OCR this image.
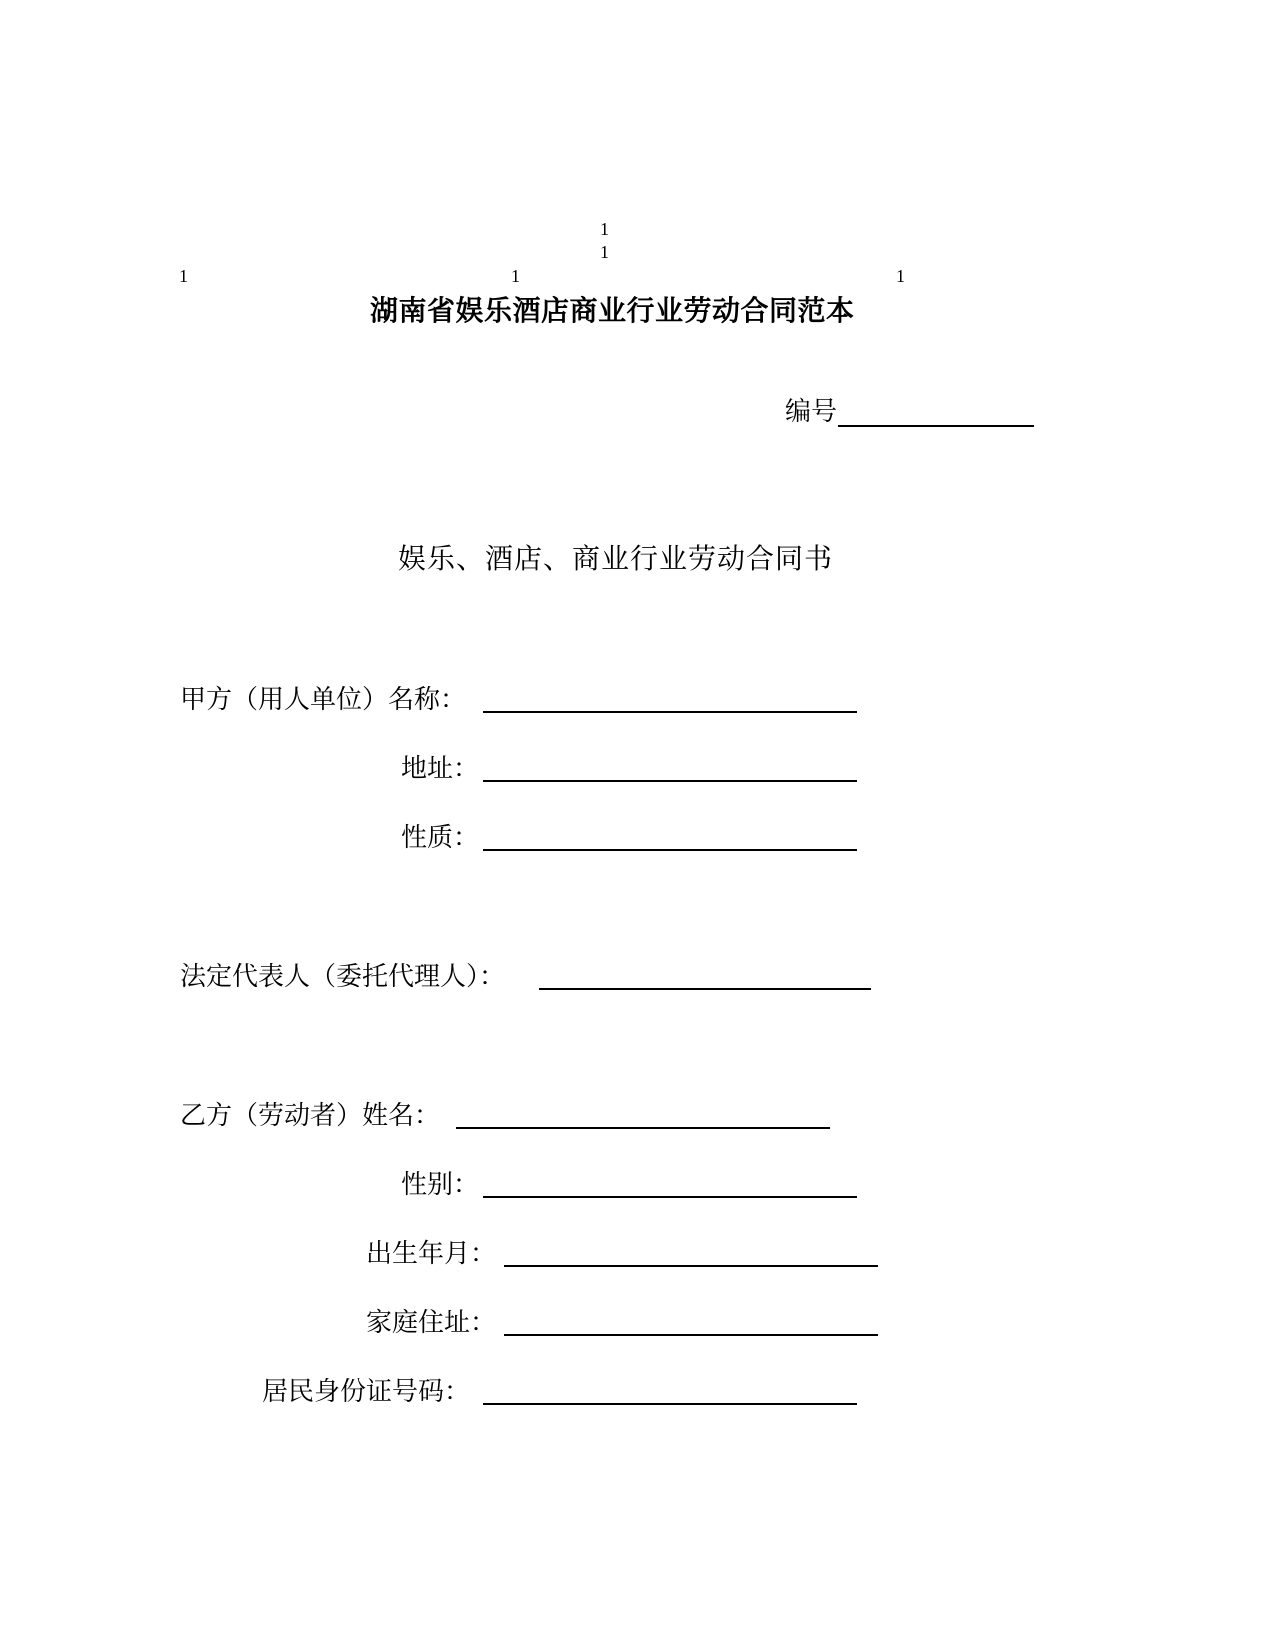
1
1
1	1	1
湖南省娱乐酒店商业行业劳动合同范本
编号
娱乐、酒店、商业行业劳动合同书
甲方（用人单位）名称：
地址：
性质：
法定代表人（委托代理人）：
乙方（劳动者）姓名：
性别：
出生年月：
家庭住址：
居民身份证号码：
